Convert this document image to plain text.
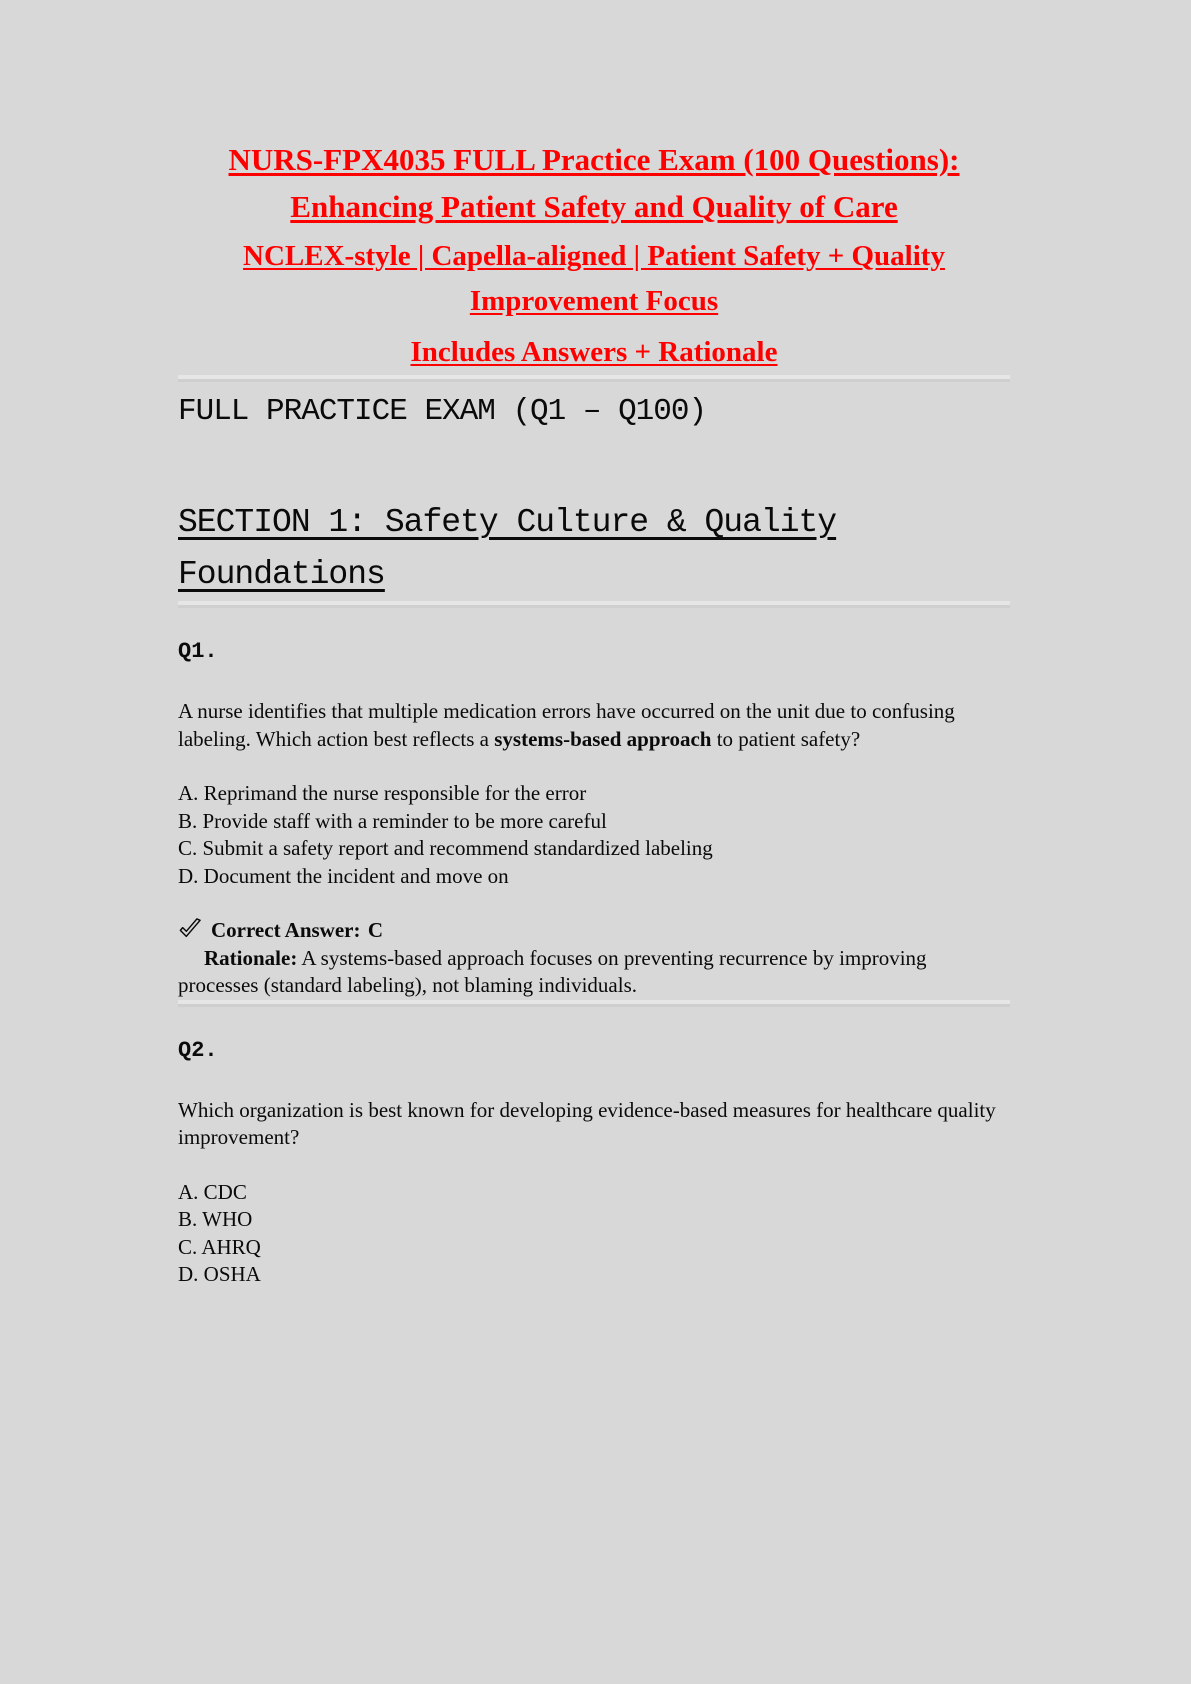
NURS-FPX4035 FULL Practice Exam (100 Questions):
Enhancing Patient Safety and Quality of Care
NCLEX-style | Capella-aligned | Patient Safety + Quality
Improvement Focus
Includes Answers + Rationale
FULL PRACTICE EXAM (Q1 – Q100)
SECTION 1: Safety Culture & Quality Foundations
Q1.

A nurse identifies that multiple medication errors have occurred on the unit due to confusing labeling. Which action best reflects a systems-based approach to patient safety?

A. Reprimand the nurse responsible for the error
B. Provide staff with a reminder to be more careful
C. Submit a safety report and recommend standardized labeling
D. Document the incident and move on

Correct Answer: C

Rationale: A systems-based approach focuses on preventing recurrence by improving processes (standard labeling), not blaming individuals.

Q2.

Which organization is best known for developing evidence-based measures for healthcare quality improvement?

A. CDC
B. WHO
C. AHRQ
D. OSHA
